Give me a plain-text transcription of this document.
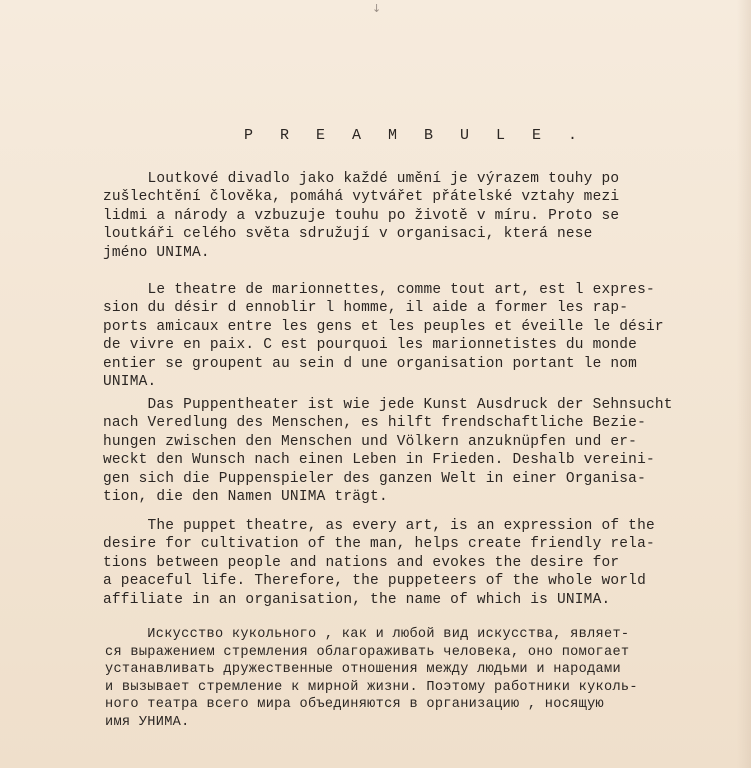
↓
P R E A M B U L E .
Loutkové divadlo jako každé umění je výrazem touhy po
zušlechtění člověka, pomáhá vytvářet přátelské vztahy mezi
lidmi a národy a vzbuzuje touhu po životě v míru. Proto se
loutkáři celého světa sdružují v organisaci, která nese
jméno UNIMA.
Le theatre de marionnettes, comme tout art, est l expres-
sion du désir d ennoblir l homme, il aide a former les rap-
ports amicaux entre les gens et les peuples et éveille le désir
de vivre en paix. C est pourquoi les marionnetistes du monde
entier se groupent au sein d une organisation portant le nom
UNIMA.
Das Puppentheater ist wie jede Kunst Ausdruck der Sehnsucht
nach Veredlung des Menschen, es hilft frendschaftliche Bezie-
hungen zwischen den Menschen und Völkern anzuknüpfen und er-
weckt den Wunsch nach einen Leben in Frieden. Deshalb vereini-
gen sich die Puppenspieler des ganzen Welt in einer Organisa-
tion, die den Namen UNIMA trägt.
The puppet theatre, as every art, is an expression of the
desire for cultivation of the man, helps create friendly rela-
tions between people and nations and evokes the desire for
a peaceful life. Therefore, the puppeteers of the whole world
affiliate in an organisation, the name of which is UNIMA.
Искусство кукольного , как и любой вид искусства, являет-
ся выражением стремления облагораживать человека, оно помогает
устанавливать дружественные отношения между людьми и народами
и вызывает стремление к мирной жизни. Поэтому работники куколь-
ного театра всего мира объединяются в организацию , носящую
имя УНИМА.
